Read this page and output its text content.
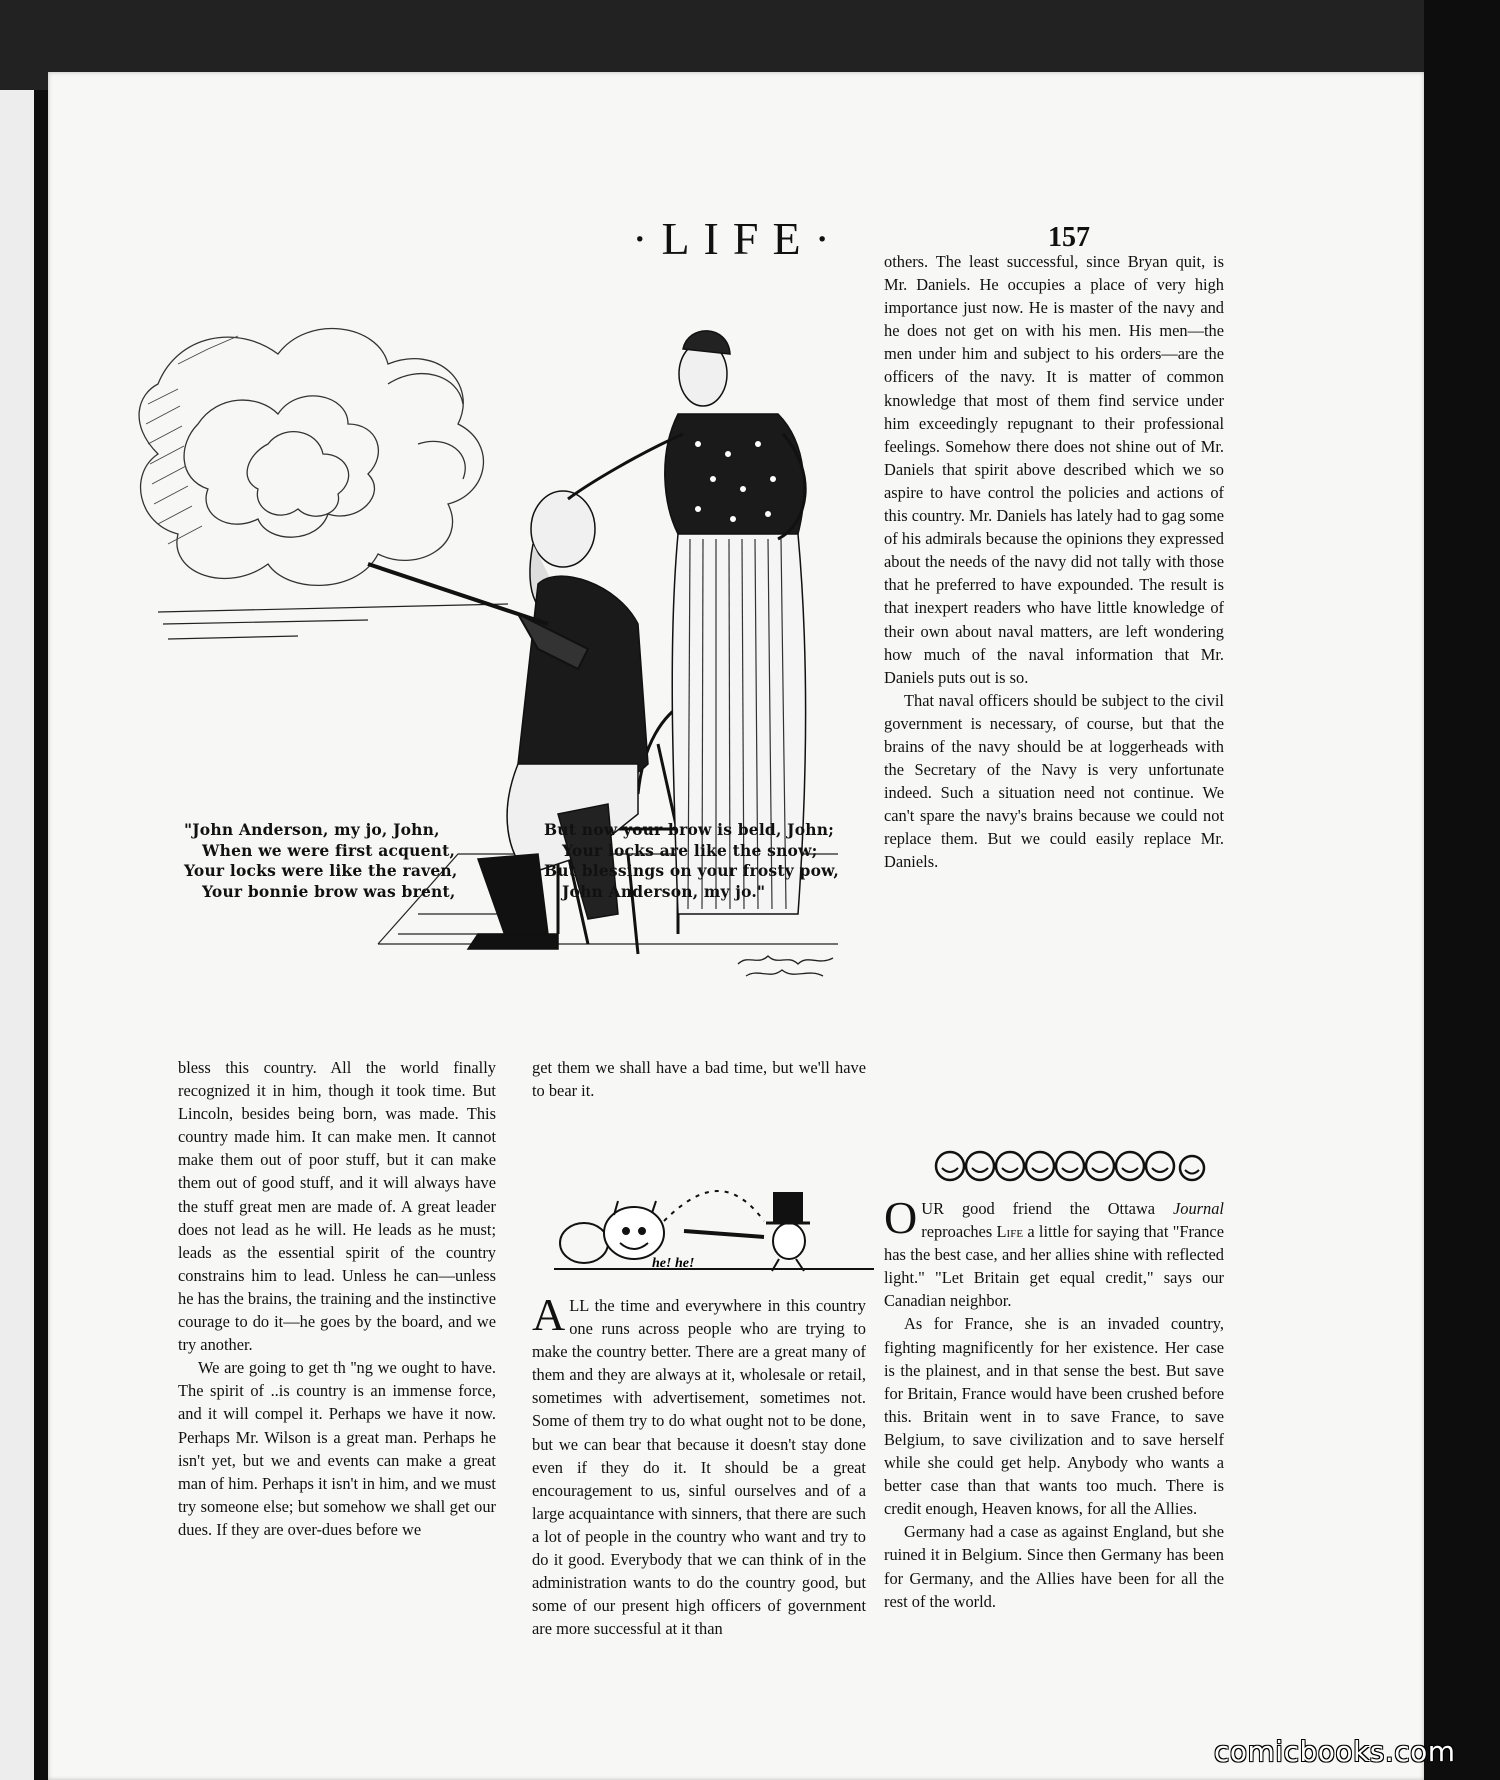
·LIFE·	157
"John Anderson, my jo, John,
When we were first acquent,
Your locks were like the raven,
Your bonnie brow was brent,
But now your brow is beld, John;
Your locks are like the snow;
But blessings on your frosty pow,
John Anderson, my jo."

others. The least successful, since Bryan quit, is Mr. Daniels. He occupies a place of very high importance just now. He is master of the navy and he does not get on with his men. His men—the men under him and subject to his orders—are the officers of the navy. It is matter of common knowledge that most of them find service under him exceedingly repugnant to their professional feelings. Somehow there does not shine out of Mr. Daniels that spirit above described which we so aspire to have control the policies and actions of this country. Mr. Daniels has lately had to gag some of his admirals because the opinions they expressed about the needs of the navy did not tally with those that he preferred to have expounded. The result is that inexpert readers who have little knowledge of their own about naval matters, are left wondering how much of the naval information that Mr. Daniels puts out is so.

That naval officers should be subject to the civil government is necessary, of course, but that the brains of the navy should be at loggerheads with the Secretary of the Navy is very unfortunate indeed. Such a situation need not continue. We can't spare the navy's brains because we could not replace them. But we could easily replace Mr. Daniels.

bless this country. All the world finally recognized it in him, though it took time. But Lincoln, besides being born, was made. This country made him. It can make men. It cannot make them out of poor stuff, but it can make them out of good stuff, and it will always have the stuff great men are made of. A great leader does not lead as he will. He leads as he must; leads as the essential spirit of the country constrains him to lead. Unless he can—unless he has the brains, the training and the instinctive courage to do it—he goes by the board, and we try another.

We are going to get th ''ng we ought to have. The spirit of ..is country is an immense force, and it will compel it. Perhaps we have it now. Perhaps Mr. Wilson is a great man. Perhaps he isn't yet, but we and events can make a great man of him. Perhaps it isn't in him, and we must try someone else; but somehow we shall get our dues. If they are over-dues before we

get them we shall have a bad time, but we'll have to bear it.

he! he!

ALL the time and everywhere in this country one runs across people who are trying to make the country better. There are a great many of them and they are always at it, wholesale or retail, sometimes with advertisement, sometimes not. Some of them try to do what ought not to be done, but we can bear that because it doesn't stay done even if they do it. It should be a great encouragement to us, sinful ourselves and of a large acquaintance with sinners, that there are such a lot of people in the country who want and try to do it good. Everybody that we can think of in the administration wants to do the country good, but some of our present high officers of government are more successful at it than

OUR good friend the Ottawa Journal reproaches Life a little for saying that "France has the best case, and her allies shine with reflected light." "Let Britain get equal credit," says our Canadian neighbor.

As for France, she is an invaded country, fighting magnificently for her existence. Her case is the plainest, and in that sense the best. But save for Britain, France would have been crushed before this. Britain went in to save France, to save Belgium, to save civilization and to save herself while she could get help. Anybody who wants a better case than that wants too much. There is credit enough, Heaven knows, for all the Allies.

Germany had a case as against England, but she ruined it in Belgium. Since then Germany has been for Germany, and the Allies have been for all the rest of the world.

comicbooks.com
